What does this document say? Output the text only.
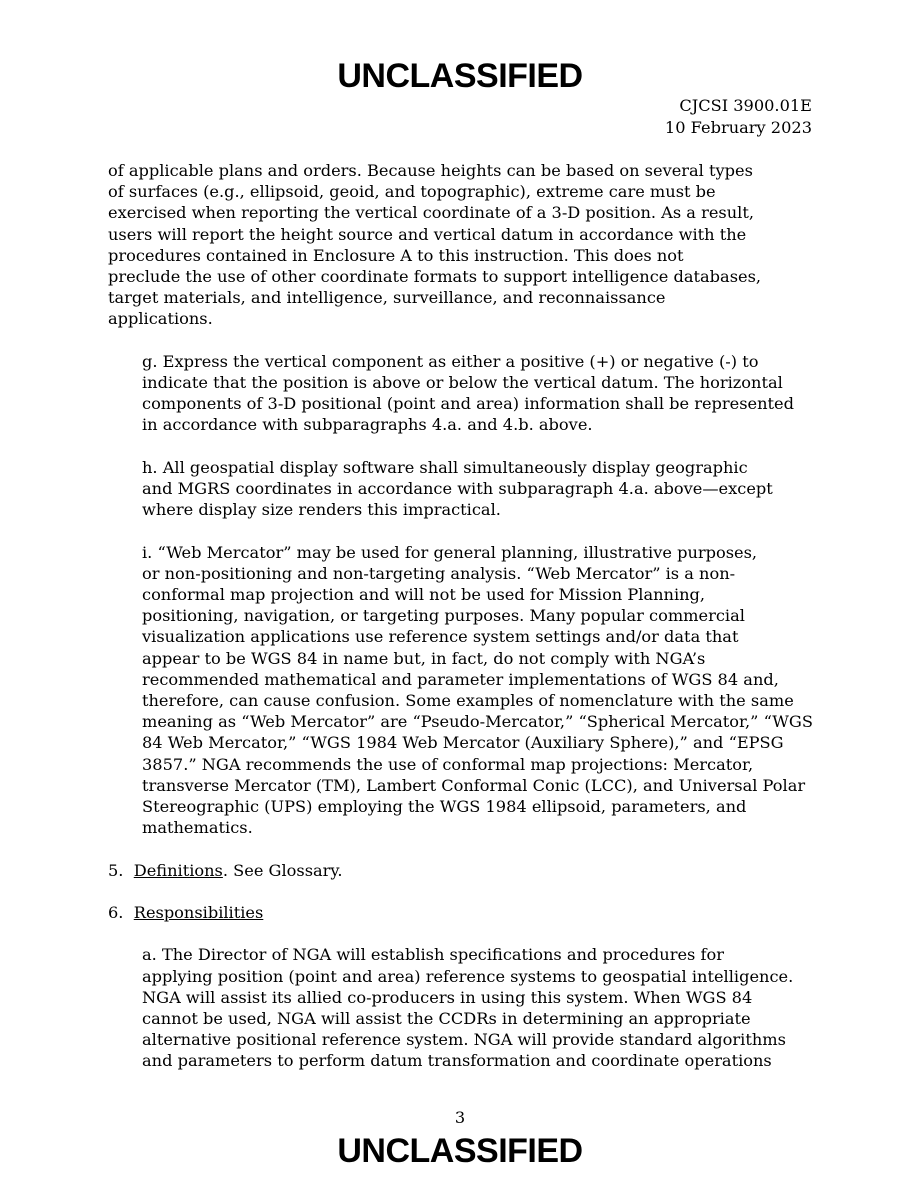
UNCLASSIFIED
CJCSI 3900.01E
10 February 2023

of applicable plans and orders. Because heights can be based on several types
of surfaces (e.g., ellipsoid, geoid, and topographic), extreme care must be
exercised when reporting the vertical coordinate of a 3-D position. As a result,
users will report the height source and vertical datum in accordance with the
procedures contained in Enclosure A to this instruction. This does not
preclude the use of other coordinate formats to support intelligence databases,
target materials, and intelligence, surveillance, and reconnaissance
applications.

g. Express the vertical component as either a positive (+) or negative (-) to
indicate that the position is above or below the vertical datum. The horizontal
components of 3-D positional (point and area) information shall be represented
in accordance with subparagraphs 4.a. and 4.b. above.

h. All geospatial display software shall simultaneously display geographic
and MGRS coordinates in accordance with subparagraph 4.a. above—except
where display size renders this impractical.

i. “Web Mercator” may be used for general planning, illustrative purposes,
or non-positioning and non-targeting analysis. “Web Mercator” is a non-
conformal map projection and will not be used for Mission Planning,
positioning, navigation, or targeting purposes. Many popular commercial
visualization applications use reference system settings and/or data that
appear to be WGS 84 in name but, in fact, do not comply with NGA’s
recommended mathematical and parameter implementations of WGS 84 and,
therefore, can cause confusion. Some examples of nomenclature with the same
meaning as “Web Mercator” are “Pseudo-Mercator,” “Spherical Mercator,” “WGS
84 Web Mercator,” “WGS 1984 Web Mercator (Auxiliary Sphere),” and “EPSG
3857.” NGA recommends the use of conformal map projections: Mercator,
transverse Mercator (TM), Lambert Conformal Conic (LCC), and Universal Polar
Stereographic (UPS) employing the WGS 1984 ellipsoid, parameters, and
mathematics.

5. Definitions. See Glossary.

6. Responsibilities

a. The Director of NGA will establish specifications and procedures for
applying position (point and area) reference systems to geospatial intelligence.
NGA will assist its allied co-producers in using this system. When WGS 84
cannot be used, NGA will assist the CCDRs in determining an appropriate
alternative positional reference system. NGA will provide standard algorithms
and parameters to perform datum transformation and coordinate operations

3
UNCLASSIFIED
